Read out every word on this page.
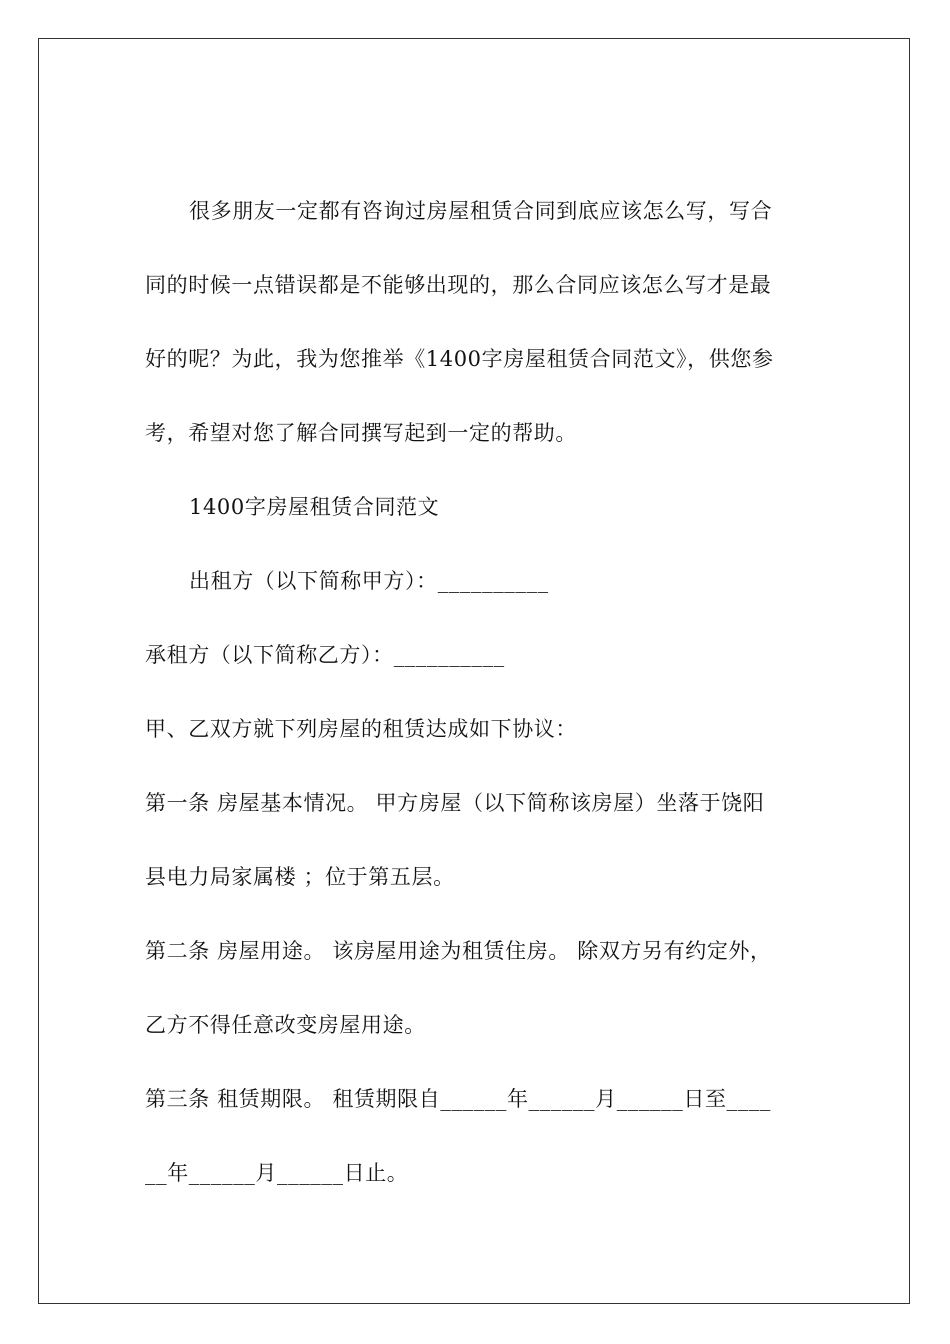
很多朋友一定都有咨询过房屋租赁合同到底应该怎么写，写合
同的时候一点错误都是不能够出现的，那么合同应该怎么写才是最
好的呢？为此，我为您推举《1400字房屋租赁合同范文》，供您参
考，希望对您了解合同撰写起到一定的帮助。
1400字房屋租赁合同范文
出租方（以下简称甲方）：__________
承租方（以下简称乙方）：__________
甲、乙双方就下列房屋的租赁达成如下协议：
第一条 房屋基本情况。 甲方房屋（以下简称该房屋）坐落于饶阳
县电力局家属楼 ；位于第五层。
第二条 房屋用途。 该房屋用途为租赁住房。 除双方另有约定外，
乙方不得任意改变房屋用途。
第三条 租赁期限。 租赁期限自______年______月______日至____
__年______月______日止。
